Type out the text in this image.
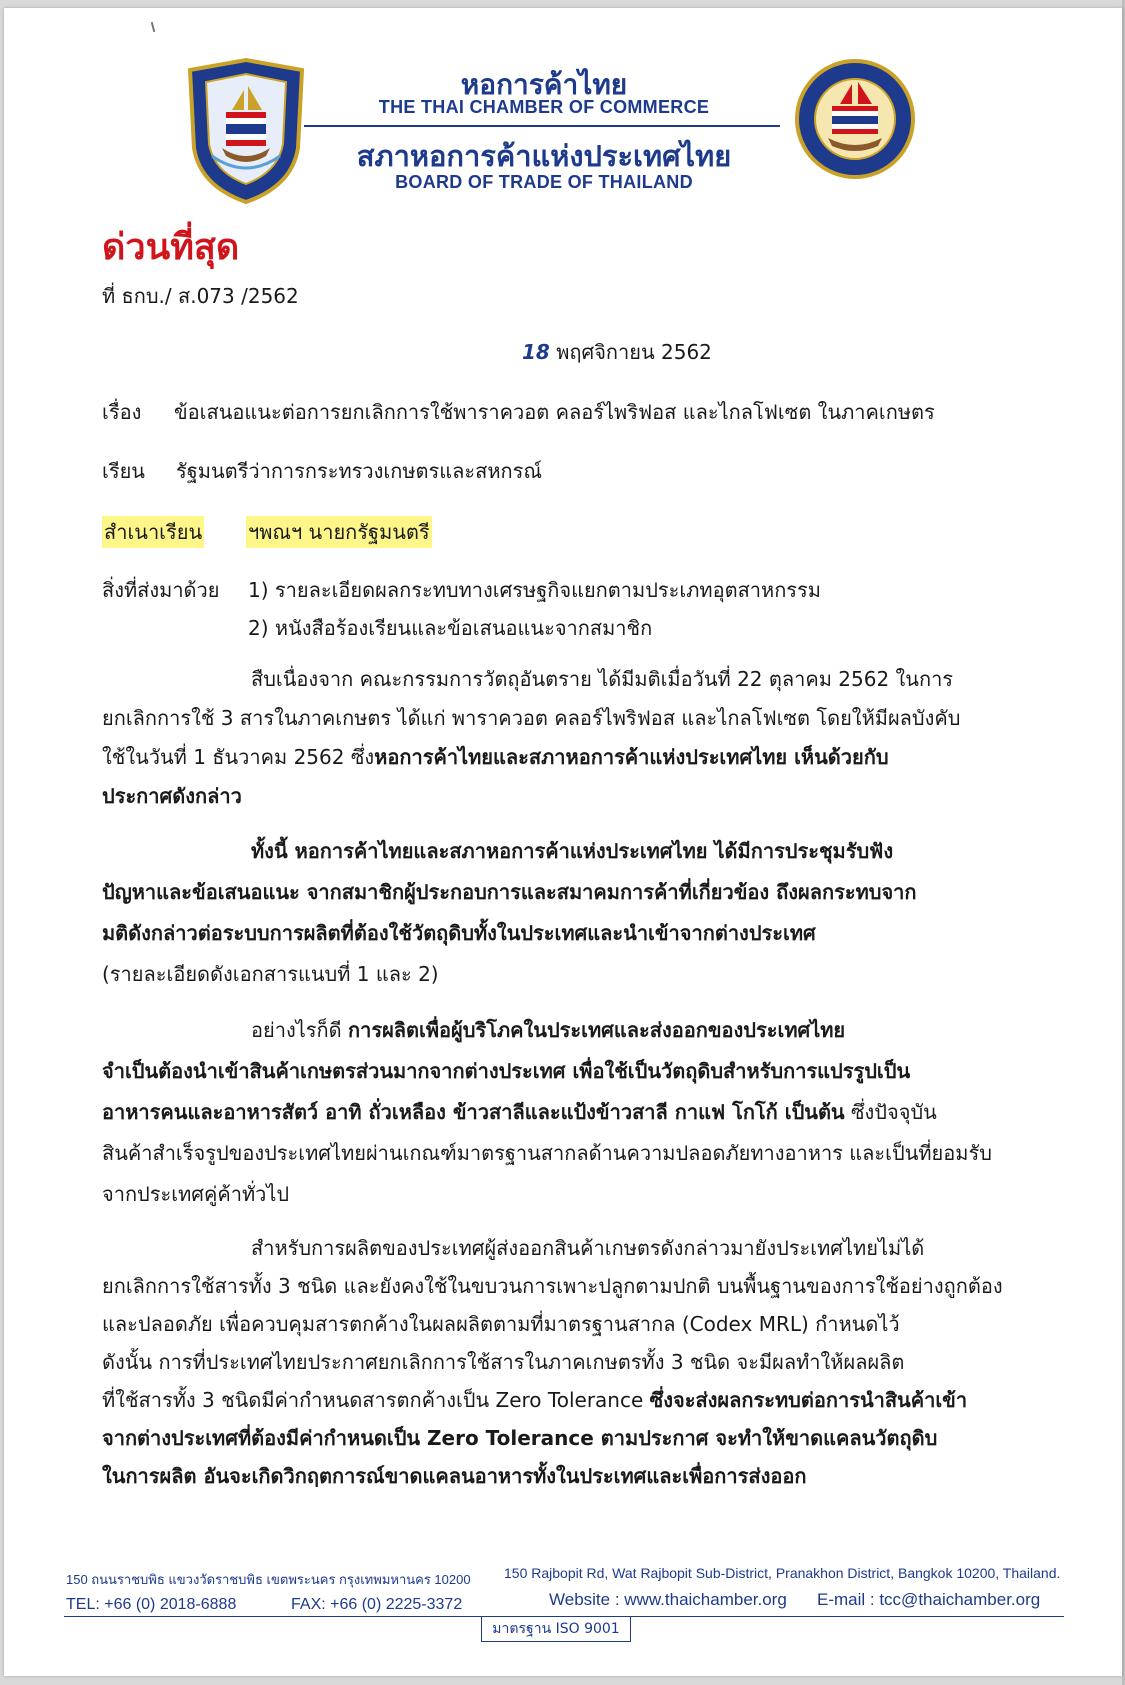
หอการค้าไทย
THE THAI CHAMBER OF COMMERCE
สภาหอการค้าแห่งประเทศไทย
BOARD OF TRADE OF THAILAND
ด่วนที่สุด
ที่ ธกบ./ ส.073 /2562
18 พฤศจิกายน 2562
เรื่อง ข้อเสนอแนะต่อการยกเลิกการใช้พาราควอต คลอร์ไพริฟอส และไกลโฟเซต ในภาคเกษตร
เรียน รัฐมนตรีว่าการกระทรวงเกษตรและสหกรณ์
สำเนาเรียน ฯพณฯ นายกรัฐมนตรี
สิ่งที่ส่งมาด้วย 1) รายละเอียดผลกระทบทางเศรษฐกิจแยกตามประเภทอุตสาหกรรม
2) หนังสือร้องเรียนและข้อเสนอแนะจากสมาชิก
สืบเนื่องจาก คณะกรรมการวัตถุอันตราย ได้มีมติเมื่อวันที่ 22 ตุลาคม 2562 ในการ
ยกเลิกการใช้ 3 สารในภาคเกษตร ได้แก่ พาราควอต คลอร์ไพริฟอส และไกลโฟเซต โดยให้มีผลบังคับ
ใช้ในวันที่ 1 ธันวาคม 2562 ซึ่งหอการค้าไทยและสภาหอการค้าแห่งประเทศไทย เห็นด้วยกับ
ประกาศดังกล่าว
ทั้งนี้ หอการค้าไทยและสภาหอการค้าแห่งประเทศไทย ได้มีการประชุมรับฟัง
ปัญหาและข้อเสนอแนะ จากสมาชิกผู้ประกอบการและสมาคมการค้าที่เกี่ยวข้อง ถึงผลกระทบจาก
มติดังกล่าวต่อระบบการผลิตที่ต้องใช้วัตถุดิบทั้งในประเทศและนำเข้าจากต่างประเทศ
(รายละเอียดดังเอกสารแนบที่ 1 และ 2)
อย่างไรก็ดี การผลิตเพื่อผู้บริโภคในประเทศและส่งออกของประเทศไทย
จำเป็นต้องนำเข้าสินค้าเกษตรส่วนมากจากต่างประเทศ เพื่อใช้เป็นวัตถุดิบสำหรับการแปรรูปเป็น
อาหารคนและอาหารสัตว์ อาทิ ถั่วเหลือง ข้าวสาลีและแป้งข้าวสาลี กาแฟ โกโก้ เป็นต้น ซึ่งปัจจุบัน
สินค้าสำเร็จรูปของประเทศไทยผ่านเกณฑ์มาตรฐานสากลด้านความปลอดภัยทางอาหาร และเป็นที่ยอมรับ
จากประเทศคู่ค้าทั่วไป
สำหรับการผลิตของประเทศผู้ส่งออกสินค้าเกษตรดังกล่าวมายังประเทศไทยไม่ได้
ยกเลิกการใช้สารทั้ง 3 ชนิด และยังคงใช้ในขบวนการเพาะปลูกตามปกติ บนพื้นฐานของการใช้อย่างถูกต้อง
และปลอดภัย เพื่อควบคุมสารตกค้างในผลผลิตตามที่มาตรฐานสากล (Codex MRL) กำหนดไว้
ดังนั้น การที่ประเทศไทยประกาศยกเลิกการใช้สารในภาคเกษตรทั้ง 3 ชนิด จะมีผลทำให้ผลผลิต
ที่ใช้สารทั้ง 3 ชนิดมีค่ากำหนดสารตกค้างเป็น Zero Tolerance ซึ่งจะส่งผลกระทบต่อการนำสินค้าเข้า
จากต่างประเทศที่ต้องมีค่ากำหนดเป็น Zero Tolerance ตามประกาศ จะทำให้ขาดแคลนวัตถุดิบ
ในการผลิต อันจะเกิดวิกฤตการณ์ขาดแคลนอาหารทั้งในประเทศและเพื่อการส่งออก
150 ถนนราชบพิธ แขวงวัดราชบพิธ เขตพระนคร กรุงเทพมหานคร 10200 150 Rajbopit Rd, Wat Rajbopit Sub-District, Pranakhon District, Bangkok 10200, Thailand.
TEL: +66 (0) 2018-6888	FAX: +66 (0) 2225-3372	Website : www.thaichamber.org E-mail : tcc@thaichamber.org
มาตรฐาน ISO 9001
